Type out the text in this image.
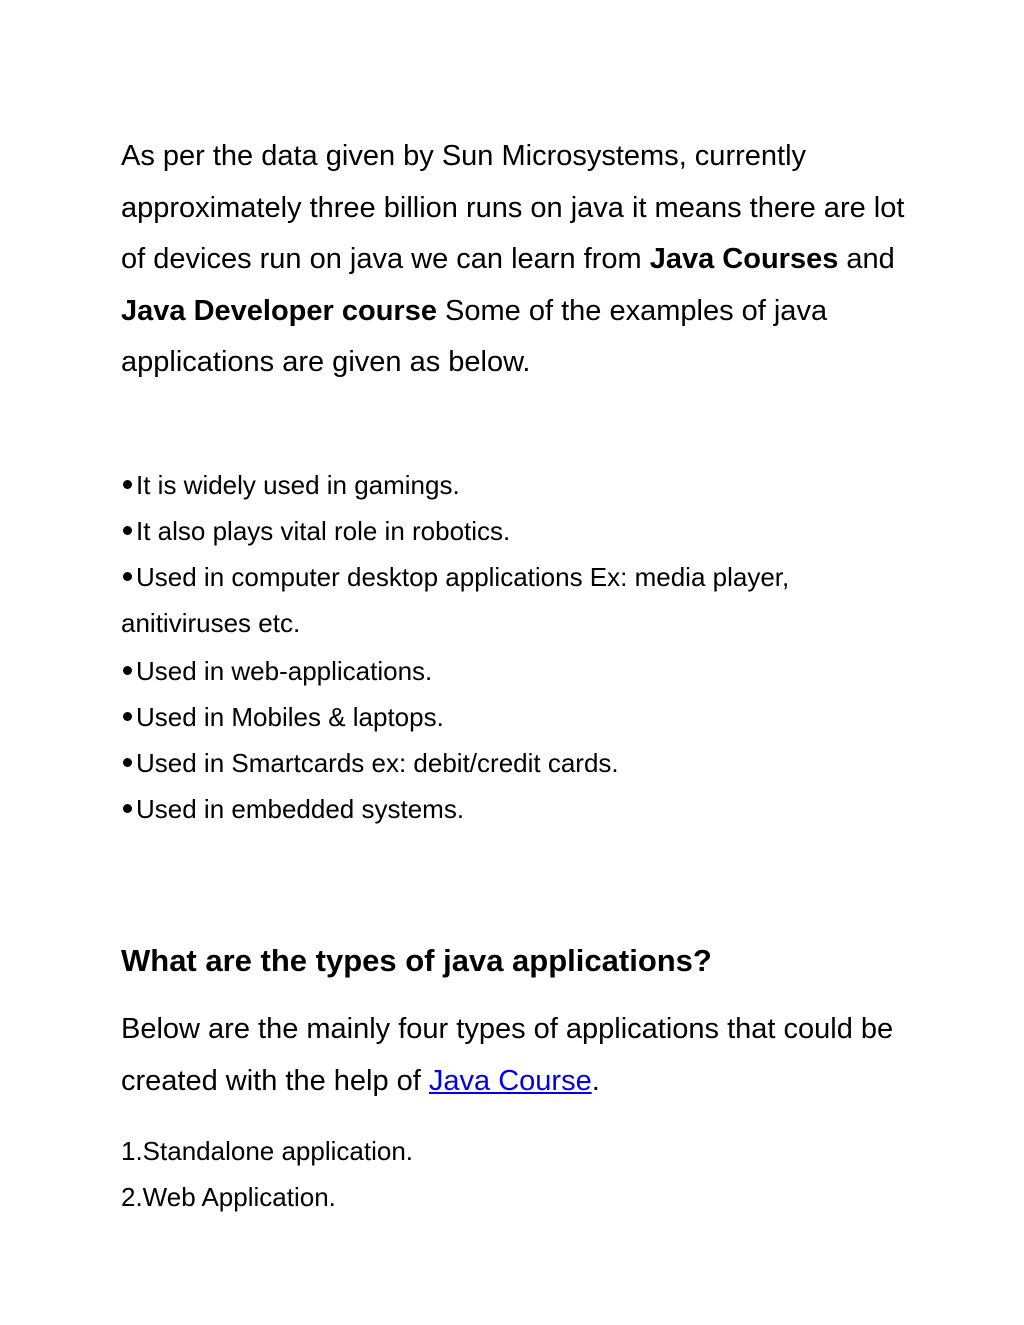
As per the data given by Sun Microsystems, currently approximately three billion runs on java it means there are lot of devices run on java we can learn from Java Courses and Java Developer course Some of the examples of java applications are given as below.

It is widely used in gamings.
It also plays vital role in robotics.
Used in computer desktop applications Ex: media player, anitiviruses etc.
Used in web-applications.
Used in Mobiles & laptops.
Used in Smartcards ex: debit/credit cards.
Used in embedded systems.
What are the types of java applications?

Below are the mainly four types of applications that could be created with the help of Java Course.

1.Standalone application.
2.Web Application.
